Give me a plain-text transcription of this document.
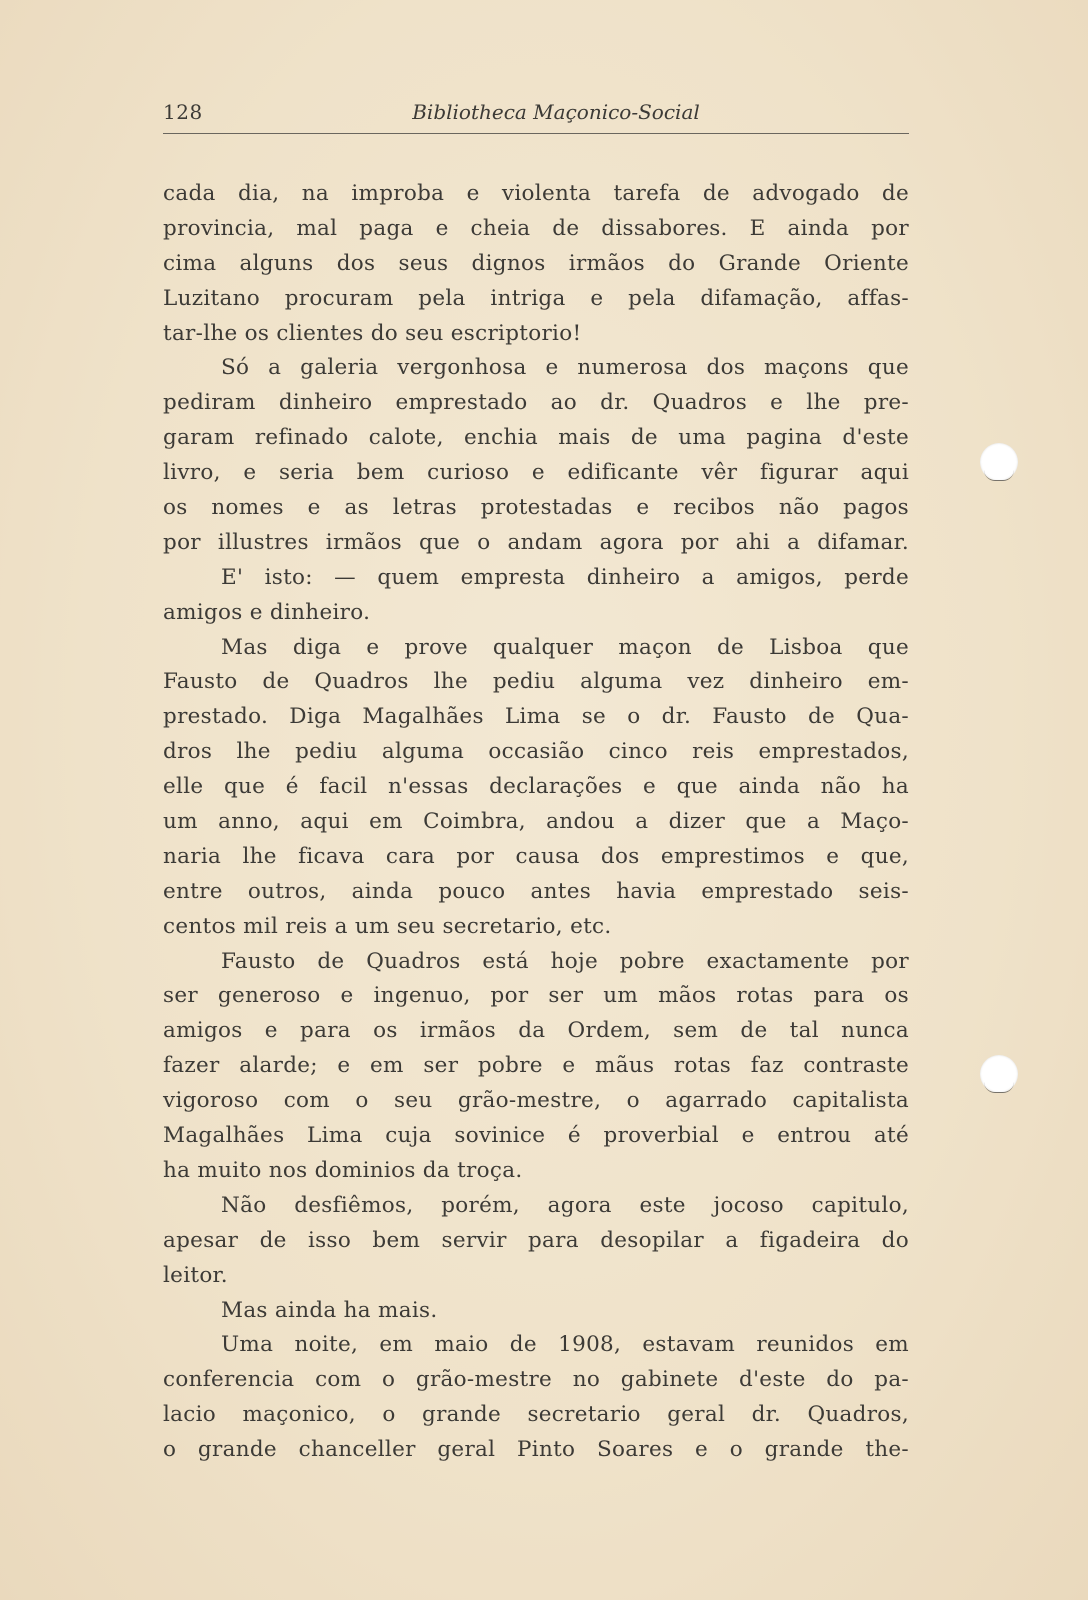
128	Bibliotheca Maçonico-Social
cada dia, na improba e violenta tarefa de advogado de
provincia, mal paga e cheia de dissabores. E ainda por
cima alguns dos seus dignos irmãos do Grande Oriente
Luzitano procuram pela intriga e pela difamação, affas-
tar-lhe os clientes do seu escriptorio!
Só a galeria vergonhosa e numerosa dos maçons que
pediram dinheiro emprestado ao dr. Quadros e lhe pre-
garam refinado calote, enchia mais de uma pagina d'este
livro, e seria bem curioso e edificante vêr figurar aqui
os nomes e as letras protestadas e recibos não pagos
por illustres irmãos que o andam agora por ahi a difamar.
E' isto: — quem empresta dinheiro a amigos, perde
amigos e dinheiro.
Mas diga e prove qualquer maçon de Lisboa que
Fausto de Quadros lhe pediu alguma vez dinheiro em-
prestado. Diga Magalhães Lima se o dr. Fausto de Qua-
dros lhe pediu alguma occasião cinco reis emprestados,
elle que é facil n'essas declarações e que ainda não ha
um anno, aqui em Coimbra, andou a dizer que a Maço-
naria lhe ficava cara por causa dos emprestimos e que,
entre outros, ainda pouco antes havia emprestado seis-
centos mil reis a um seu secretario, etc.
Fausto de Quadros está hoje pobre exactamente por
ser generoso e ingenuo, por ser um mãos rotas para os
amigos e para os irmãos da Ordem, sem de tal nunca
fazer alarde; e em ser pobre e mãus rotas faz contraste
vigoroso com o seu grão-mestre, o agarrado capitalista
Magalhães Lima cuja sovinice é proverbial e entrou até
ha muito nos dominios da troça.
Não desfiêmos, porém, agora este jocoso capitulo,
apesar de isso bem servir para desopilar a figadeira do
leitor.
Mas ainda ha mais.
Uma noite, em maio de 1908, estavam reunidos em
conferencia com o grão-mestre no gabinete d'este do pa-
lacio maçonico, o grande secretario geral dr. Quadros,
o grande chanceller geral Pinto Soares e o grande the-
